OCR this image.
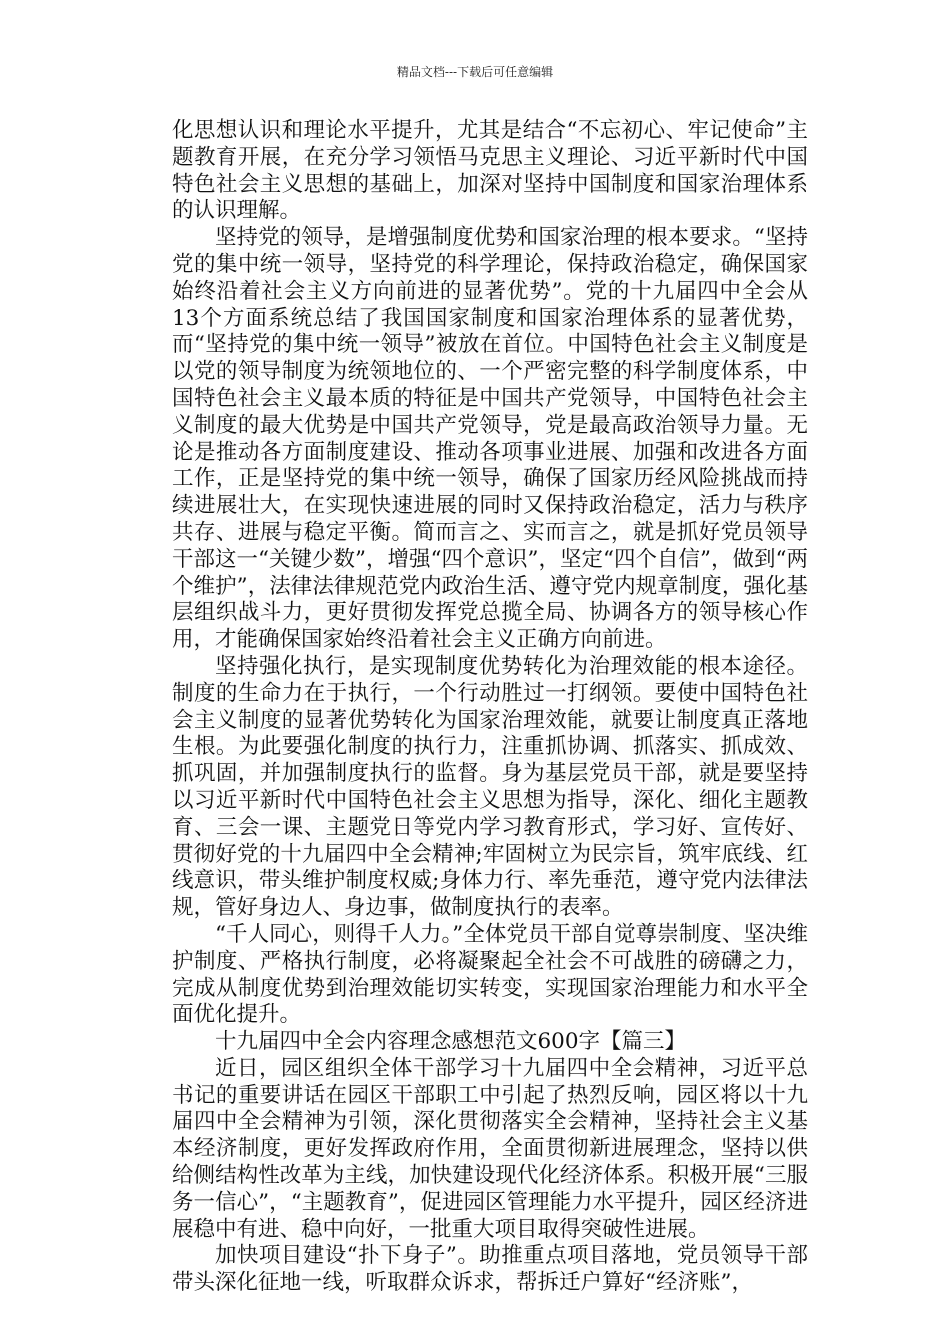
精品文档---下载后可任意编辑

化思想认识和理论水平提升，尤其是结合“不忘初心、牢记使命”主题教育开展，在充分学习领悟马克思主义理论、习近平新时代中国特色社会主义思想的基础上，加深对坚持中国制度和国家治理体系的认识理解。

坚持党的领导，是增强制度优势和国家治理的根本要求。“坚持党的集中统一领导，坚持党的科学理论，保持政治稳定，确保国家始终沿着社会主义方向前进的显著优势”。党的十九届四中全会从13个方面系统总结了我国国家制度和国家治理体系的显著优势，而“坚持党的集中统一领导”被放在首位。中国特色社会主义制度是以党的领导制度为统领地位的、一个严密完整的科学制度体系，中国特色社会主义最本质的特征是中国共产党领导，中国特色社会主义制度的最大优势是中国共产党领导，党是最高政治领导力量。无论是推动各方面制度建设、推动各项事业进展、加强和改进各方面工作，正是坚持党的集中统一领导，确保了国家历经风险挑战而持续进展壮大，在实现快速进展的同时又保持政治稳定，活力与秩序共存、进展与稳定平衡。简而言之、实而言之，就是抓好党员领导干部这一“关键少数”，增强“四个意识”，坚定“四个自信”，做到“两个维护”，法律法律规范党内政治生活、遵守党内规章制度，强化基层组织战斗力，更好贯彻发挥党总揽全局、协调各方的领导核心作用，才能确保国家始终沿着社会主义正确方向前进。

坚持强化执行，是实现制度优势转化为治理效能的根本途径。制度的生命力在于执行，一个行动胜过一打纲领。要使中国特色社会主义制度的显著优势转化为国家治理效能，就要让制度真正落地生根。为此要强化制度的执行力，注重抓协调、抓落实、抓成效、抓巩固，并加强制度执行的监督。身为基层党员干部，就是要坚持以习近平新时代中国特色社会主义思想为指导，深化、细化主题教育、三会一课、主题党日等党内学习教育形式，学习好、宣传好、贯彻好党的十九届四中全会精神;牢固树立为民宗旨，筑牢底线、红线意识，带头维护制度权威;身体力行、率先垂范，遵守党内法律法规，管好身边人、身边事，做制度执行的表率。

“千人同心，则得千人力。”全体党员干部自觉尊崇制度、坚决维护制度、严格执行制度，必将凝聚起全社会不可战胜的磅礴之力，完成从制度优势到治理效能切实转变，实现国家治理能力和水平全面优化提升。

十九届四中全会内容理念感想范文600字【篇三】

近日，园区组织全体干部学习十九届四中全会精神，习近平总书记的重要讲话在园区干部职工中引起了热烈反响，园区将以十九届四中全会精神为引领，深化贯彻落实全会精神，坚持社会主义基本经济制度，更好发挥政府作用，全面贯彻新进展理念，坚持以供给侧结构性改革为主线，加快建设现代化经济体系。积极开展“三服务一信心”，“主题教育”，促进园区管理能力水平提升，园区经济进展稳中有进、稳中向好，一批重大项目取得突破性进展。

加快项目建设“扑下身子”。助推重点项目落地，党员领导干部带头深化征地一线，听取群众诉求，帮拆迁户算好“经济账”，
